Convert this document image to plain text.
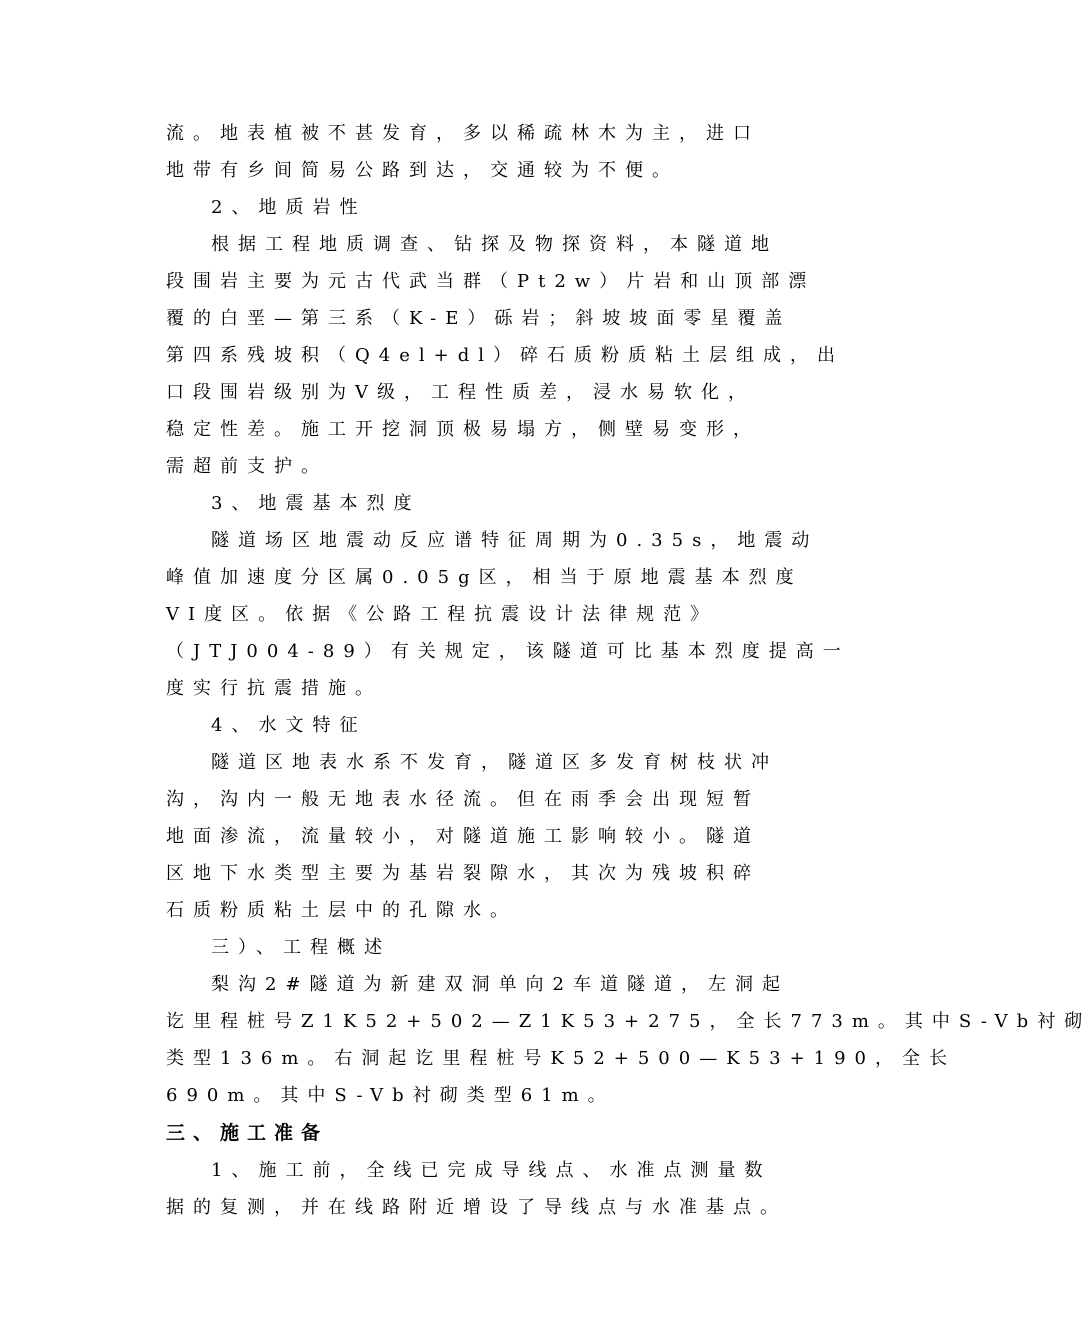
流。地表植被不甚发育，多以稀疏林木为主，进口
地带有乡间简易公路到达，交通较为不便。
2、地质岩性
根据工程地质调查、钻探及物探资料，本隧道地
段围岩主要为元古代武当群（Pt2w）片岩和山顶部漂
覆的白垩—第三系（K-E）砾岩；斜坡坡面零星覆盖
第四系残坡积（Q4el+dl）碎石质粉质粘土层组成，出
口段围岩级别为V级，工程性质差，浸水易软化，
稳定性差。施工开挖洞顶极易塌方，侧壁易变形，
需超前支护。
3、地震基本烈度
隧道场区地震动反应谱特征周期为0.35s，地震动
峰值加速度分区属0.05g区，相当于原地震基本烈度
VI度区。依据《公路工程抗震设计法律规范》
（JTJ004-89）有关规定，该隧道可比基本烈度提高一
度实行抗震措施。
4、水文特征
隧道区地表水系不发育，隧道区多发育树枝状冲
沟，沟内一般无地表水径流。但在雨季会出现短暂
地面渗流，流量较小，对隧道施工影响较小。隧道
区地下水类型主要为基岩裂隙水，其次为残坡积碎
石质粉质粘土层中的孔隙水。
三）、工程概述
梨沟2#隧道为新建双洞单向2车道隧道，左洞起
讫里程桩号Z1K52+502—Z1K53+275，全长773m。其中S-Vb衬砌
类型136m。右洞起讫里程桩号K52+500—K53+190，全长
690m。其中S-Vb衬砌类型61m。
三、施工准备
1、施工前，全线已完成导线点、水准点测量数
据的复测，并在线路附近增设了导线点与水准基点。
